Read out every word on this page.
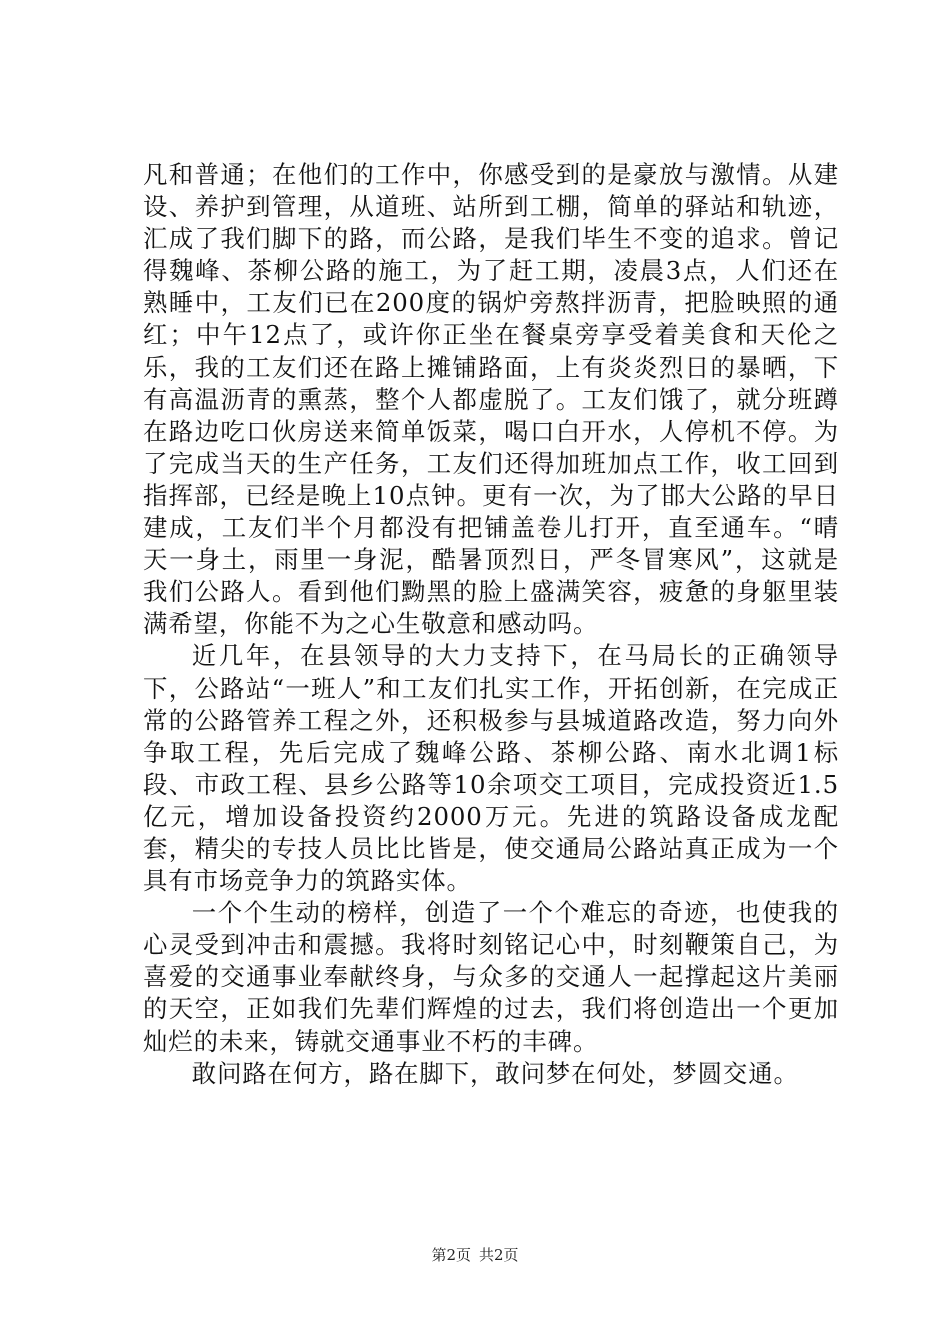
凡和普通；在他们的工作中，你感受到的是豪放与激情。从建设、养护到管理，从道班、站所到工棚，简单的驿站和轨迹，汇成了我们脚下的路，而公路，是我们毕生不变的追求。曾记得魏峰、茶柳公路的施工，为了赶工期，凌晨3点，人们还在熟睡中，工友们已在200度的锅炉旁熬拌沥青，把脸映照的通红；中午12点了，或许你正坐在餐桌旁享受着美食和天伦之乐，我的工友们还在路上摊铺路面，上有炎炎烈日的暴晒，下有高温沥青的熏蒸，整个人都虚脱了。工友们饿了，就分班蹲在路边吃口伙房送来简单饭菜，喝口白开水，人停机不停。为了完成当天的生产任务，工友们还得加班加点工作，收工回到指挥部，已经是晚上10点钟。更有一次，为了邯大公路的早日建成，工友们半个月都没有把铺盖卷儿打开，直至通车。“晴天一身土，雨里一身泥，酷暑顶烈日，严冬冒寒风”，这就是我们公路人。看到他们黝黑的脸上盛满笑容，疲惫的身躯里装满希望，你能不为之心生敬意和感动吗。

近几年，在县领导的大力支持下，在马局长的正确领导下，公路站“一班人”和工友们扎实工作，开拓创新，在完成正常的公路管养工程之外，还积极参与县城道路改造，努力向外争取工程，先后完成了魏峰公路、茶柳公路、南水北调1标段、市政工程、县乡公路等10余项交工项目，完成投资近1.5亿元，增加设备投资约2000万元。先进的筑路设备成龙配套，精尖的专技人员比比皆是，使交通局公路站真正成为一个具有市场竞争力的筑路实体。

一个个生动的榜样，创造了一个个难忘的奇迹，也使我的心灵受到冲击和震撼。我将时刻铭记心中，时刻鞭策自己，为喜爱的交通事业奉献终身，与众多的交通人一起撑起这片美丽的天空，正如我们先辈们辉煌的过去，我们将创造出一个更加灿烂的未来，铸就交通事业不朽的丰碑。

敢问路在何方，路在脚下，敢问梦在何处，梦圆交通。

第2页 共2页
